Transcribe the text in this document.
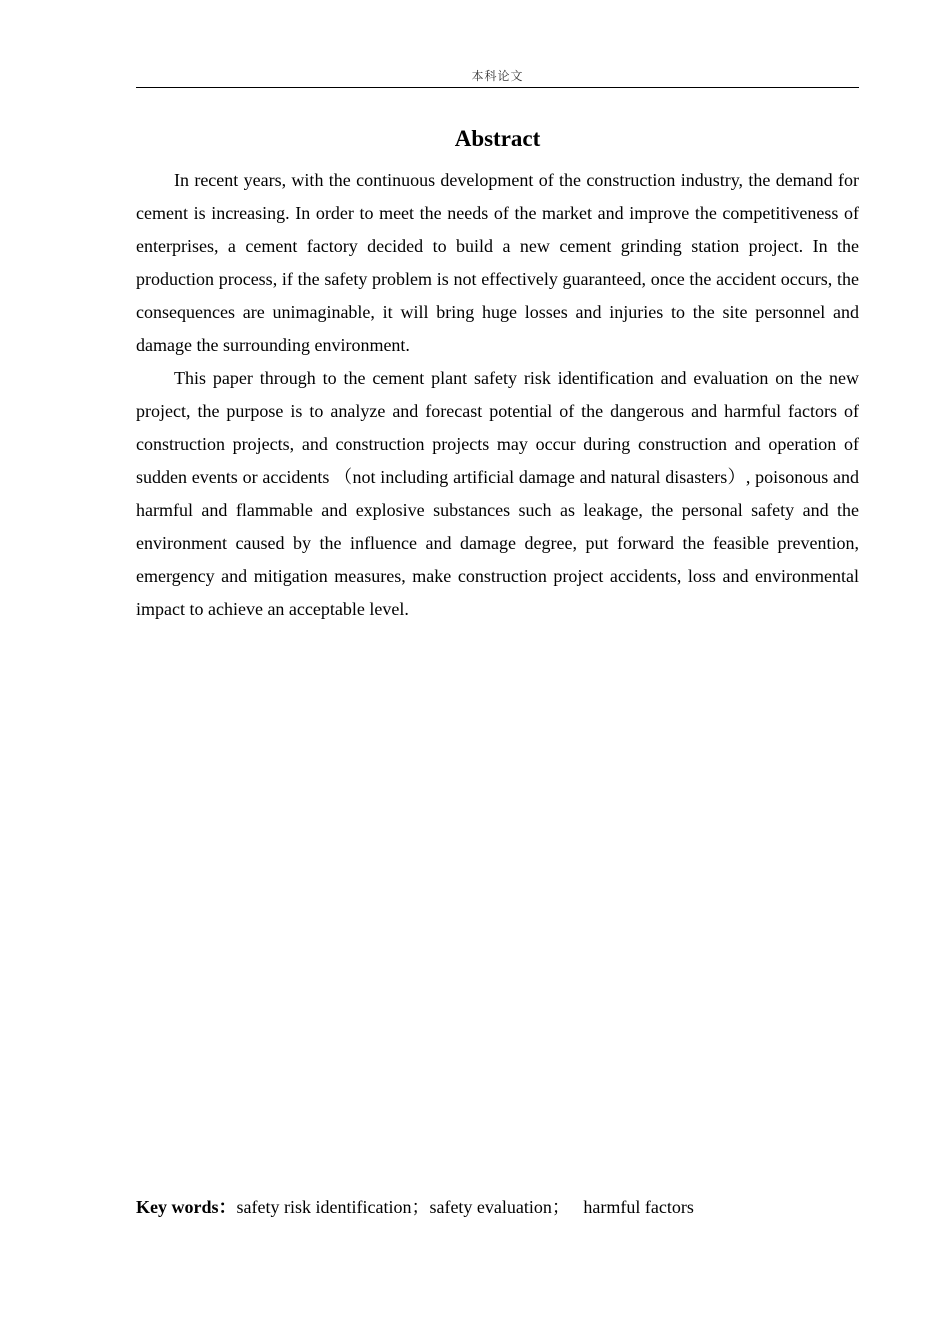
本科论文
Abstract

In recent years, with the continuous development of the construction industry, the demand for cement is increasing. In order to meet the needs of the market and improve the competitiveness of enterprises, a cement factory decided to build a new cement grinding station project. In the production process, if the safety problem is not effectively guaranteed, once the accident occurs, the consequences are unimaginable, it will bring huge losses and injuries to the site personnel and damage the surrounding environment.

This paper through to the cement plant safety risk identification and evaluation on the new project, the purpose is to analyze and forecast potential of the dangerous and harmful factors of construction projects, and construction projects may occur during construction and operation of sudden events or accidents （not including artificial damage and natural disasters）, poisonous and harmful and flammable and explosive substances such as leakage, the personal safety and the environment caused by the influence and damage degree, put forward the feasible prevention, emergency and mitigation measures, make construction project accidents, loss and environmental impact to achieve an acceptable level.

Key words：safety risk identification；safety evaluation； harmful factors
